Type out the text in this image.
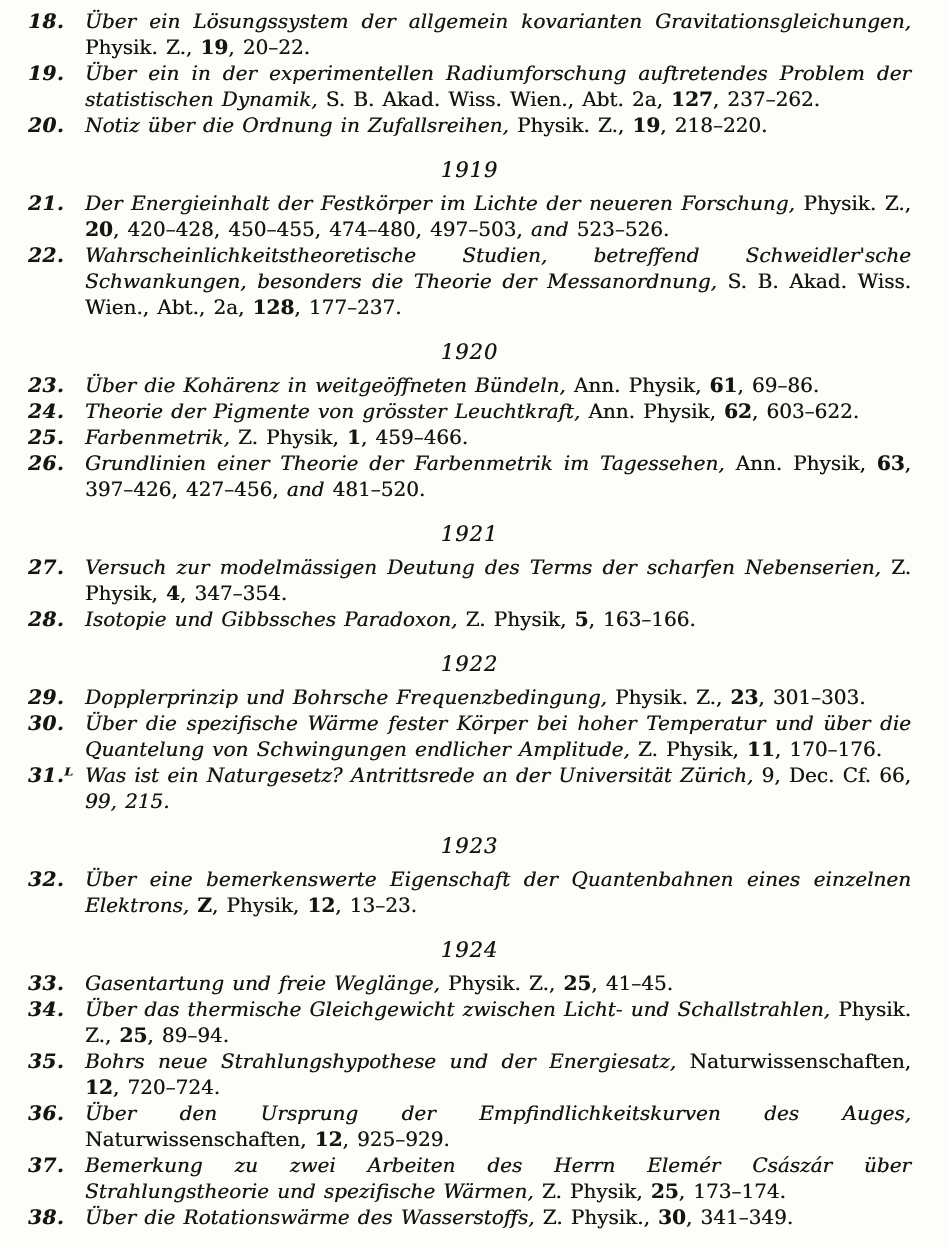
18.	Über ein Lösungssystem der allgemein kovarianten Gravitationsgleichungen, Physik. Z., 19, 20–22.
19.	Über ein in der experimentellen Radiumforschung auftretendes Problem der statistischen Dynamik, S. B. Akad. Wiss. Wien., Abt. 2a, 127, 237–262.
20.	Notiz über die Ordnung in Zufallsreihen, Physik. Z., 19, 218–220.
1919
21.	Der Energieinhalt der Festkörper im Lichte der neueren Forschung, Physik. Z., 20, 420–428, 450–455, 474–480, 497–503, and 523–526.
22.	Wahrscheinlichkeitstheoretische Studien, betreffend Schweidler'sche Schwankungen, besonders die Theorie der Messanordnung, S. B. Akad. Wiss. Wien., Abt., 2a, 128, 177–237.
1920
23.	Über die Kohärenz in weitgeöffneten Bündeln, Ann. Physik, 61, 69–86.
24.	Theorie der Pigmente von grösster Leuchtkraft, Ann. Physik, 62, 603–622.
25.	Farbenmetrik, Z. Physik, 1, 459–466.
26.	Grundlinien einer Theorie der Farbenmetrik im Tagessehen, Ann. Physik, 63, 397–426, 427–456, and 481–520.
1921
27.	Versuch zur modelmässigen Deutung des Terms der scharfen Nebenserien, Z. Physik, 4, 347–354.
28.	Isotopie und Gibbssches Paradoxon, Z. Physik, 5, 163–166.
1922
29.	Dopplerprinzip und Bohrsche Frequenzbedingung, Physik. Z., 23, 301–303.
30.	Über die spezifische Wärme fester Körper bei hoher Temperatur und über die Quantelung von Schwingungen endlicher Amplitude, Z. Physik, 11, 170–176.
31.ᴸ Was ist ein Naturgesetz? Antrittsrede an der Universität Zürich, 9, Dec. Cf. 66, 99, 215.
1923
32.	Über eine bemerkenswerte Eigenschaft der Quantenbahnen eines einzelnen Elektrons, Z, Physik, 12, 13–23.
1924
33.	Gasentartung und freie Weglänge, Physik. Z., 25, 41–45.
34.	Über das thermische Gleichgewicht zwischen Licht- und Schallstrahlen, Physik. Z., 25, 89–94.
35.	Bohrs neue Strahlungshypothese und der Energiesatz, Naturwissenschaften, 12, 720–724.
36.	Über den Ursprung der Empfindlichkeitskurven des Auges, Naturwissenschaften, 12, 925–929.
37.	Bemerkung zu zwei Arbeiten des Herrn Elemér Császár über Strahlungstheorie und spezifische Wärmen, Z. Physik, 25, 173–174.
38.	Über die Rotationswärme des Wasserstoffs, Z. Physik., 30, 341–349.
